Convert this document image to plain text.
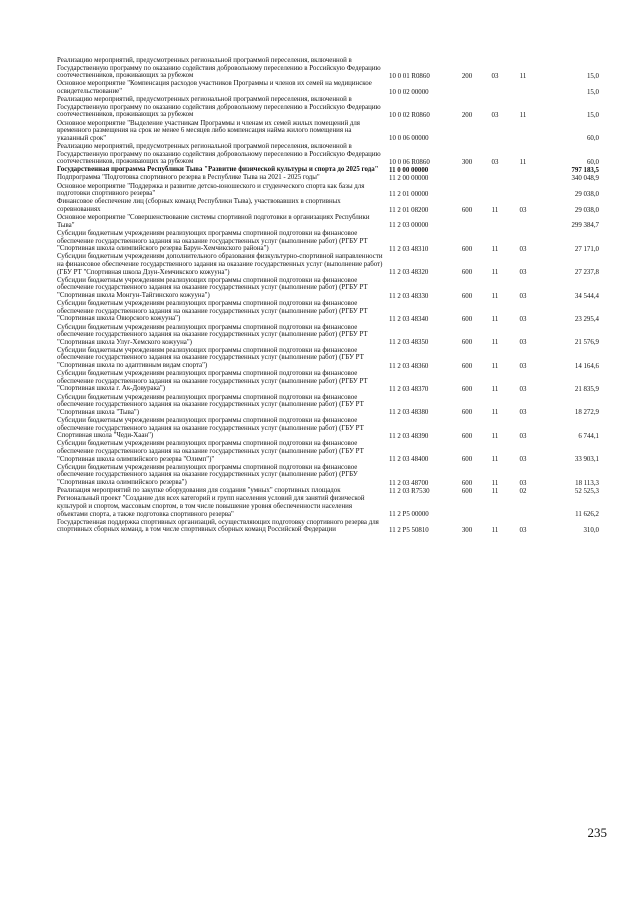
Реализацию мероприятий, предусмотренных региональной программой переселения, включенной в Государственную программу по оказанию содействия добровольному переселению в Российскую Федерацию соотечественников, проживающих за рубежом	10 0 01 R0860	200	03	11	15,0

Основное мероприятие "Компенсация расходов участников Программы и членов их семей на медицинское освидетельствование"	10 0 02 00000				15,0

Реализацию мероприятий, предусмотренных региональной программой переселения, включенной в Государственную программу по оказанию содействия добровольному переселению в Российскую Федерацию соотечественников, проживающих за рубежом	10 0 02 R0860	200	03	11	15,0

Основное мероприятие "Выделение участникам Программы и членам их семей жилых помещений для временного размещения на срок не менее 6 месяцев либо компенсация найма жилого помещения на указанный срок"	10 0 06 00000				60,0

Реализацию мероприятий, предусмотренных региональной программой переселения, включенной в Государственную программу по оказанию содействия добровольному переселению в Российскую Федерацию соотечественников, проживающих за рубежом	10 0 06 R0860	300	03	11	60,0

Государственная программа Республики Тыва "Развитие физической культуры и спорта до 2025 года"	11 0 00 00000				797 183,5

Подпрограмма "Подготовка спортивного резерва в Республике Тыва на 2021 - 2025 годы"	11 2 00 00000				340 048,9

Основное мероприятие "Поддержка и развитие детско-юношеского и студенческого спорта как базы для подготовки спортивного резерва"	11 2 01 00000				29 038,0

Финансовое обеспечение лиц (сборных команд Республики Тыва), участвовавших в спортивных соревнованиях	11 2 01 08200	600	11	03	29 038,0

Основное мероприятие "Совершенствование системы спортивной подготовки в организациях Республики Тыва"	11 2 03 00000				299 384,7

Субсидии бюджетным учреждениям реализующих программы спортивной подготовки на финансовое обеспечение государственного задания на оказание государственных услуг (выполнение работ) (РГБУ РТ "Спортивная школа олимпийского резерва Барун-Хемчикского района")	11 2 03 48310	600	11	03	27 171,0

Субсидии бюджетным учреждениям дополнительного образования физкультурно-спортивной направленности на финансовое обеспечение государственного задания на оказание государственных услуг (выполнение работ) (ГБУ РТ "Спортивная школа Дзун-Хемчикского кожууна")	11 2 03 48320	600	11	03	27 237,8

Субсидии бюджетным учреждениям реализующих программы спортивной подготовки на финансовое обеспечение государственного задания на оказание государственных услуг (выполнение работ) (РГБУ РТ "Спортивная школа Монгун-Тайгинского кожууна")	11 2 03 48330	600	11	03	34 544,4

Субсидии бюджетным учреждениям реализующих программы спортивной подготовки на финансовое обеспечение государственного задания на оказание государственных услуг (выполнение работ) (РГБУ РТ "Спортивная школа Овюрского кожууна")	11 2 03 48340	600	11	03	23 295,4

Субсидии бюджетным учреждениям реализующих программы спортивной подготовки на финансовое обеспечение государственного задания на оказание государственных услуг (выполнение работ) (РГБУ РТ "Спортивная школа Улуг-Хемского кожууна")	11 2 03 48350	600	11	03	21 576,9

Субсидии бюджетным учреждениям реализующих программы спортивной подготовки на финансовое обеспечение государственного задания на оказание государственных услуг (выполнение работ) (ГБУ РТ "Спортивная школа по адаптивным видам спорта")	11 2 03 48360	600	11	03	14 164,6

Субсидии бюджетным учреждениям реализующих программы спортивной подготовки на финансовое обеспечение государственного задания на оказание государственных услуг (выполнение работ) (РГБУ РТ "Спортивная школа г. Ак-Довурака")	11 2 03 48370	600	11	03	21 835,9

Субсидии бюджетным учреждениям реализующих программы спортивной подготовки на финансовое обеспечение государственного задания на оказание государственных услуг (выполнение работ) (ГБУ РТ "Спортивная школа "Тыва")	11 2 03 48380	600	11	03	18 272,9

Субсидии бюджетным учреждениям реализующих программы спортивной подготовки на финансовое обеспечение государственного задания на оказание государственных услуг (выполнение работ) (ГБУ РТ Спортивная школа "Чеди-Хаан")	11 2 03 48390	600	11	03	6 744,1

Субсидии бюджетным учреждениям реализующих программы спортивной подготовки на финансовое обеспечение государственного задания на оказание государственных услуг (выполнение работ) (ГБУ РТ "Спортивная школа олимпийского резерва "Олимп")"	11 2 03 48400	600	11	03	33 903,1

Субсидии бюджетным учреждениям реализующих программы спортивной подготовки на финансовое обеспечение государственного задания на оказание государственных услуг (выполнение работ) (РГБУ "Спортивная школа олимпийского резерва")	11 2 03 48700	600	11	03	18 113,3

Реализация мероприятий по закупке оборудования для создания "умных" спортивных площадок	11 2 03 R7530	600	11	02	52 525,3

Региональный проект "Создание для всех категорий и групп населения условий для занятий физической культурой и спортом, массовым спортом, в том числе повышение уровня обеспеченности населения объектами спорта, а также подготовка спортивного резерва"	11 2 P5 00000				11 626,2

Государственная поддержка спортивных организаций, осуществляющих подготовку спортивного резерва для спортивных сборных команд, в том числе спортивных сборных команд Российской Федерации	11 2 P5 50810	300	11	03	310,0
235
